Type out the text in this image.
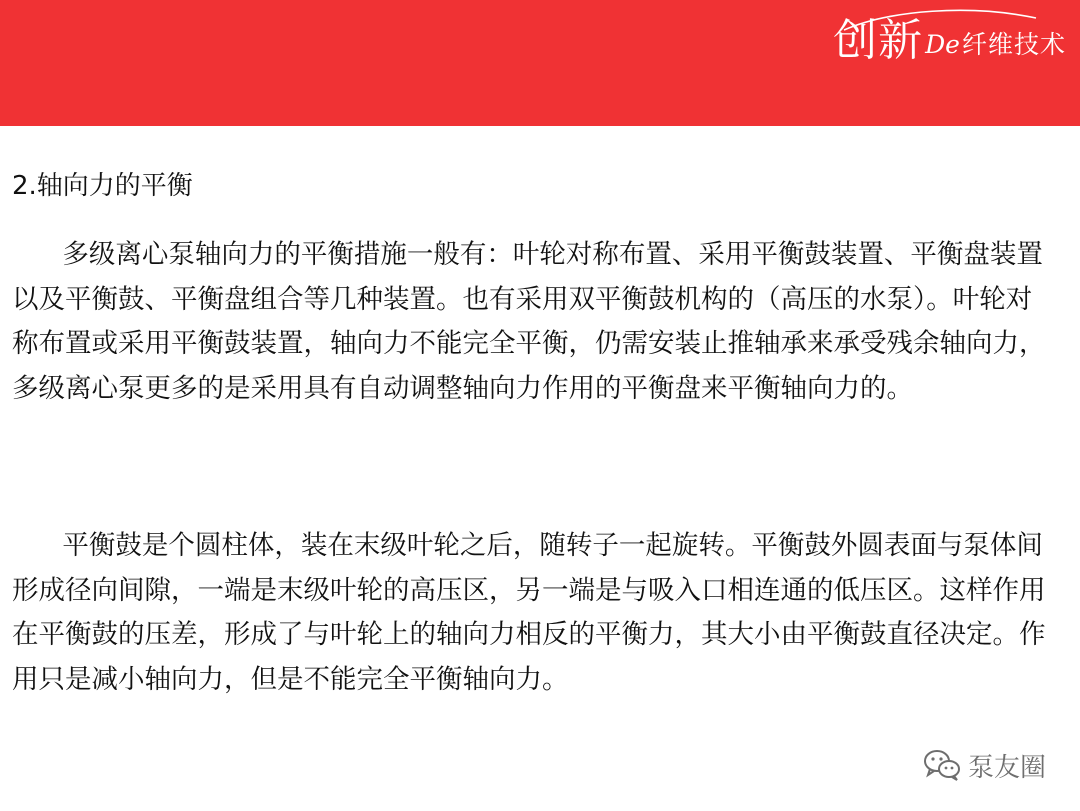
创新 De 纤维技术
2.轴向力的平衡

多级离心泵轴向力的平衡措施一般有：叶轮对称布置、采用平衡鼓装置、平衡盘装置以及平衡鼓、平衡盘组合等几种装置。也有采用双平衡鼓机构的（高压的水泵）。叶轮对称布置或采用平衡鼓装置，轴向力不能完全平衡，仍需安装止推轴承来承受残余轴向力，多级离心泵更多的是采用具有自动调整轴向力作用的平衡盘来平衡轴向力的。

平衡鼓是个圆柱体，装在末级叶轮之后，随转子一起旋转。平衡鼓外圆表面与泵体间形成径向间隙，一端是末级叶轮的高压区，另一端是与吸入口相连通的低压区。这样作用在平衡鼓的压差，形成了与叶轮上的轴向力相反的平衡力，其大小由平衡鼓直径决定。作用只是减小轴向力，但是不能完全平衡轴向力。

泵友圈
